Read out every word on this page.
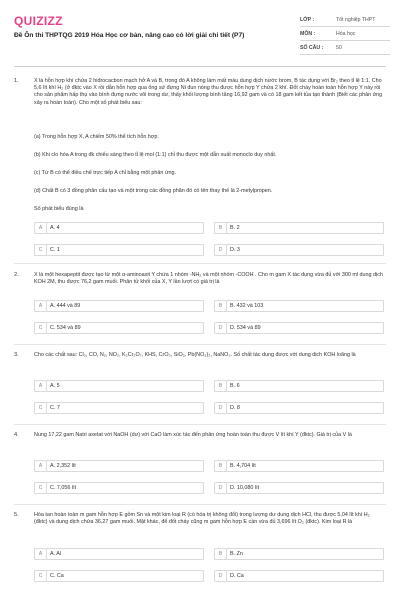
QUIZIZZ
Đề Ôn thi THPTQG 2019 Hóa Học cơ bản, nâng cao có lời giải chi tiết (P7)
LỚP :	Tốt nghiệp THPT
MÔN :	Hóa học
SỐ CÂU :	50
1.	X là hỗn hợp khí chứa 2 hiđrocacbon mạch hở A và B, trong đó A không làm mất màu dung dịch nước brom, B tác dụng với Br₂ theo tỉ lệ 1:1. Cho 5,6 lít khí H₂ (ở đktc vào X rồi dẫn hỗn hợp qua ống sứ đựng Ni đun nóng thu được hỗn hợp Y chứa 2 khí. Đốt cháy hoàn toàn hỗn hợp Y này rồi cho sản phẩm hấp thụ vào bình đựng nước vôi trong dư, thấy khối lượng bình tăng 16,92 gam và có 18 gam kết tủa tạo thành (Biết các phản ứng xảy ra hoàn toàn). Cho một số phát biểu sau:
(a) Trong hỗn hợp X, A chiếm 50% thể tích hỗn hợp.
(b) Khi clo hóa A trong đk chiếu sáng theo tỉ lệ mol (1:1) chỉ thu được một dẫn xuất monoclo duy nhất.
(c) Từ B có thể điều chế trực tiếp A chỉ bằng một phản ứng.
(d) Chất B có 3 đồng phân cấu tạo và một trong các đồng phân đó có tên thay thế là 2-metylpropen.
Số phát biểu đúng là
A	A. 4	B	B. 2
C	C. 1	D	D. 3
2.	X là một hexapeptit được tạo từ một α-aminoaxit Y chứa 1 nhóm -NH₂ và một nhóm -COOH . Cho m gam X tác dụng vừa đủ với 300 ml dung dịch KOH 2M, thu được 76,2 gam muối. Phân tử khối của X, Y lần lượt có giá trị là
A	A. 444 và 89	B	B. 432 và 103
C	C. 534 và 89	D	D. 534 và 89
3.	Cho các chất sau: Cl₂, CO, N₂, NO₂, K₂Cr₂O₇, KHS, CrO₃, SiO₂, Pb(NO₃)₂, NaNO₃. Số chất tác dụng được với dung dịch KOH loãng là
A	A. 5	B	B. 6
C	C. 7	D	D. 8
4.	Nung 17,22 gam Natri axetat với NaOH (dư) với CaO làm xúc tác đến phản ứng hoàn toàn thu được V lít khí Y (đktc). Giá trị của V là
A	A. 2,352 lít	B	B. 4,704 lít
C	C. 7,056 lít	D	D. 10,080 lít
5.	Hòa tan hoàn toàn m gam hỗn hợp E gồm Sn và một kim loại R (có hóa trị không đổi) trong lượng dư dung dịch HCl, thu được 5,04 lít khí H₂ (đktc) và dung dịch chứa 36,27 gam muối. Mặt khác, để đốt cháy cũng m gam hỗn hợp E cần vừa đủ 3,696 lít O₂ (đktc). Kim loại R là
A	A. Al	B	B. Zn
C	C. Ca	D	D. Ca
